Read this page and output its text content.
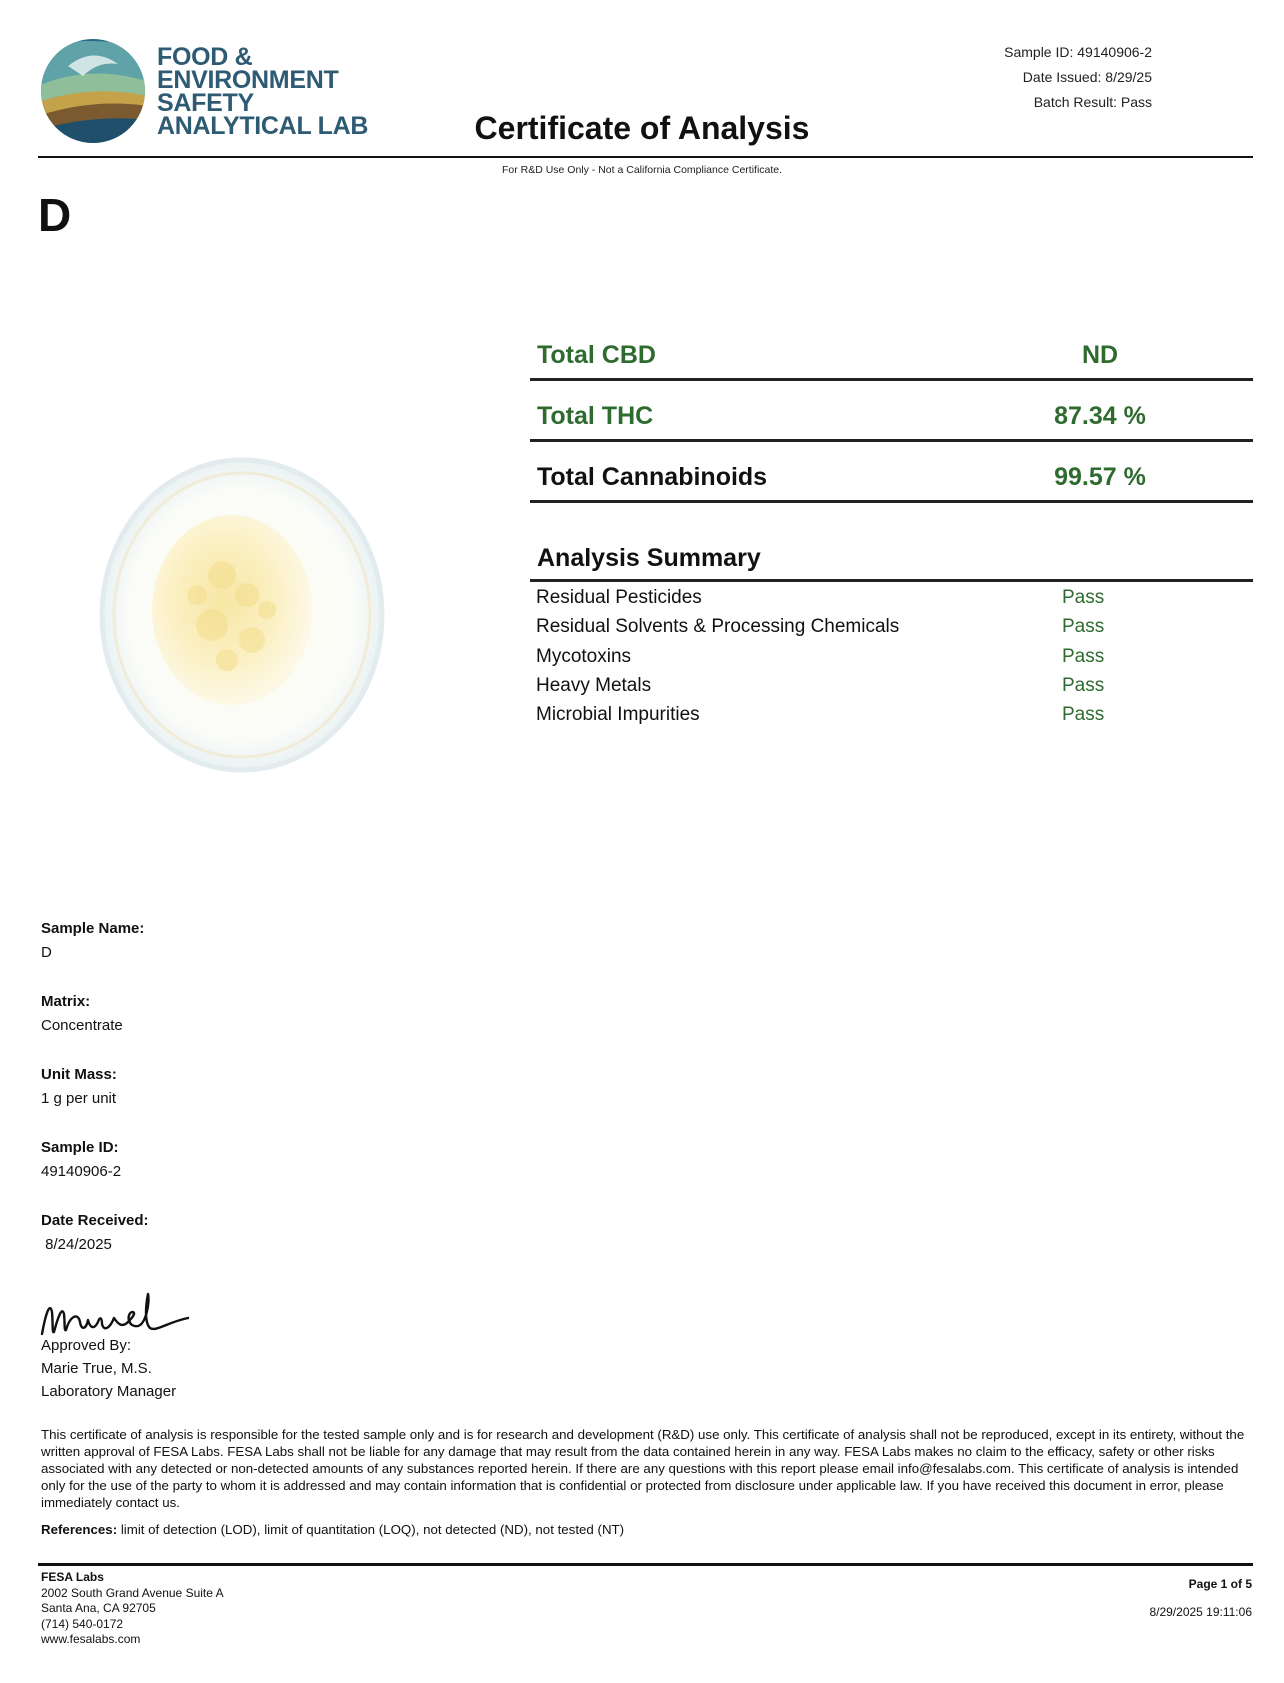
FOOD &
ENVIRONMENT
SAFETY
ANALYTICAL LAB
Sample ID: 49140906-2
Date Issued: 8/29/25
Batch Result: Pass
Certificate of Analysis
For R&D Use Only - Not a California Compliance Certificate.
D
Total CBD	ND
Total THC	87.34 %
Total Cannabinoids	99.57 %
Analysis Summary
Residual Pesticides	Pass
Residual Solvents & Processing Chemicals	Pass
Mycotoxins	Pass
Heavy Metals	Pass
Microbial Impurities	Pass
Sample Name:
D
Matrix:
Concentrate
Unit Mass:
1 g per unit
Sample ID:
49140906-2
Date Received:
8/24/2025
Approved By:
Marie True, M.S.
Laboratory Manager
This certificate of analysis is responsible for the tested sample only and is for research and development (R&D) use only. This certificate of analysis shall not be reproduced, except in its entirety, without the written approval of FESA Labs. FESA Labs shall not be liable for any damage that may result from the data contained herein in any way. FESA Labs makes no claim to the efficacy, safety or other risks associated with any detected or non-detected amounts of any substances reported herein. If there are any questions with this report please email info@fesalabs.com. This certificate of analysis is intended only for the use of the party to whom it is addressed and may contain information that is confidential or protected from disclosure under applicable law. If you have received this document in error, please immediately contact us.
References: limit of detection (LOD), limit of quantitation (LOQ), not detected (ND), not tested (NT)
FESA Labs
2002 South Grand Avenue Suite A
Santa Ana, CA 92705
(714) 540-0172
www.fesalabs.com
Page 1 of 5
8/29/2025 19:11:06
